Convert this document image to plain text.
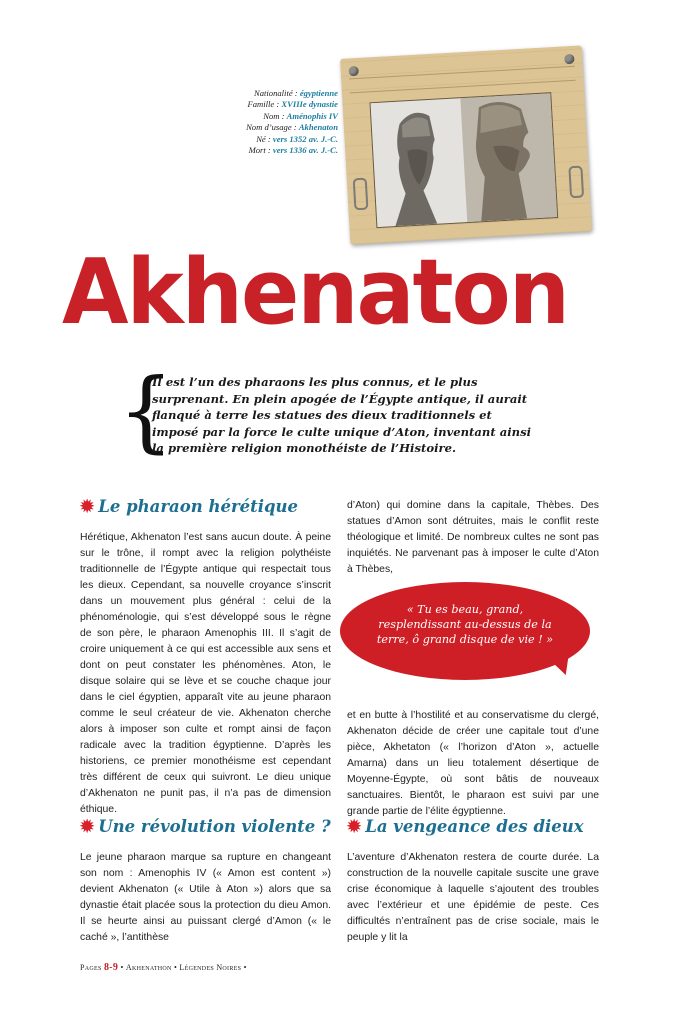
Nationalité : égyptienne
Famille : XVIIIe dynastie
Nom : Aménophis IV
Nom d’usage : Akhenaton
Né : vers 1352 av. J.-C.
Mort : vers 1336 av. J.-C.
Akhenaton
{
Il est l’un des pharaons les plus connus, et le plus surprenant. En plein apogée de l’Égypte antique, il aurait flanqué à terre les statues des dieux traditionnels et imposé par la force le culte unique d’Aton, inventant ainsi la première religion monothéiste de l’Histoire.
✹ Le pharaon hérétique
Hérétique, Akhenaton l’est sans aucun doute. À peine sur le trône, il rompt avec la religion polythéiste traditionnelle de l’Égypte antique qui respectait tous les dieux. Cependant, sa nouvelle croyance s’inscrit dans un mouvement plus général : celui de la phénoménologie, qui s’est développé sous le règne de son père, le pharaon Amenophis III. Il s’agit de croire uniquement à ce qui est accessible aux sens et dont on peut constater les phénomènes. Aton, le disque solaire qui se lève et se couche chaque jour dans le ciel égyptien, apparaît vite au jeune pharaon comme le seul créateur de vie. Akhenaton cherche alors à imposer son culte et rompt ainsi de façon radicale avec la tradition égyptienne. D’après les historiens, ce premier monothéisme est cependant très différent de ceux qui suivront. Le dieu unique d’Akhenaton ne punit pas, il n’a pas de dimension éthique.
d’Aton) qui domine dans la capitale, Thèbes. Des statues d’Amon sont détruites, mais le conflit reste théologique et limité. De nombreux cultes ne sont pas inquiétés. Ne parvenant pas à imposer le culte d’Aton à Thèbes,
« Tu es beau, grand, resplendissant au-dessus de la terre, ô grand disque de vie ! »
et en butte à l’hostilité et au conservatisme du clergé, Akhenaton décide de créer une capitale tout d’une pièce, Akhetaton (« l’horizon d’Aton », actuelle Amarna) dans un lieu totalement désertique de Moyenne-Égypte, où sont bâtis de nouveaux sanctuaires. Bientôt, le pharaon est suivi par une grande partie de l’élite égyptienne.
✹ Une révolution violente ?
Le jeune pharaon marque sa rupture en changeant son nom : Amenophis IV (« Amon est content ») devient Akhenaton (« Utile à Aton ») alors que sa dynastie était placée sous la protection du dieu Amon. Il se heurte ainsi au puissant clergé d’Amon (« le caché », l’antithèse
✹ La vengeance des dieux
L’aventure d’Akhenaton restera de courte durée. La construction de la nouvelle capitale suscite une grave crise économique à laquelle s’ajoutent des troubles avec l’extérieur et une épidémie de peste. Ces difficultés n’entraînent pas de crise sociale, mais le peuple y lit la
Pages 8-9 • Akhenathon • Légendes Noires •
